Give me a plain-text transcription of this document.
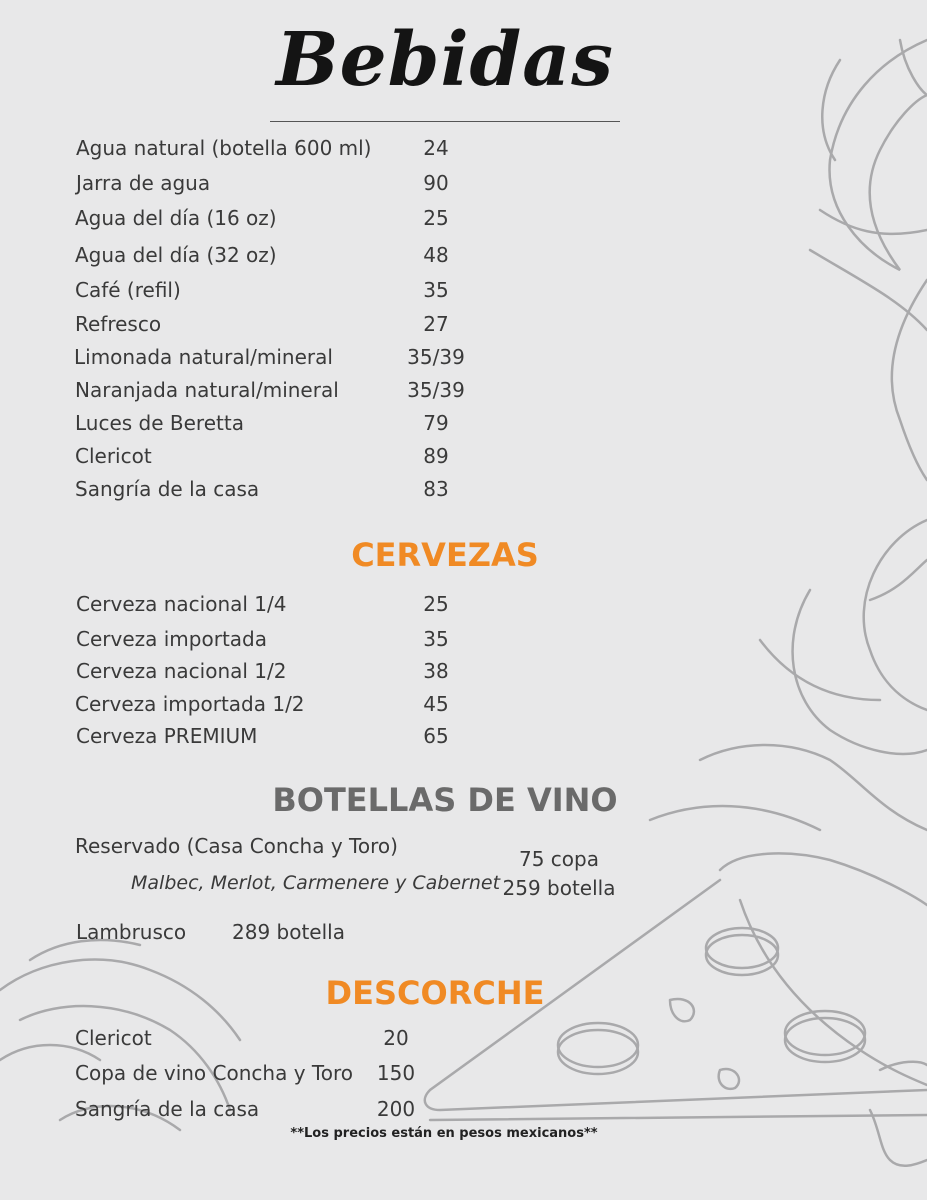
Bebidas
Agua natural (botella 600 ml)	24
Jarra de agua	90
Agua del día (16 oz)	25
Agua del día (32 oz)	48
Café (refil)	35
Refresco	27
Limonada natural/mineral	35/39
Naranjada natural/mineral	35/39
Luces de Beretta	79
Clericot	89
Sangría de la casa	83
CERVEZAS
Cerveza nacional 1/4	25
Cerveza importada	35
Cerveza nacional 1/2	38
Cerveza importada 1/2	45
Cerveza PREMIUM	65
BOTELLAS DE VINO
Reservado (Casa Concha y Toro)
Malbec, Merlot, Carmenere y Cabernet
75 copa
259 botella
Lambrusco 289 botella
DESCORCHE
Clericot	20
Copa de vino Concha y Toro	150
Sangría de la casa	200
**Los precios están en pesos mexicanos**
